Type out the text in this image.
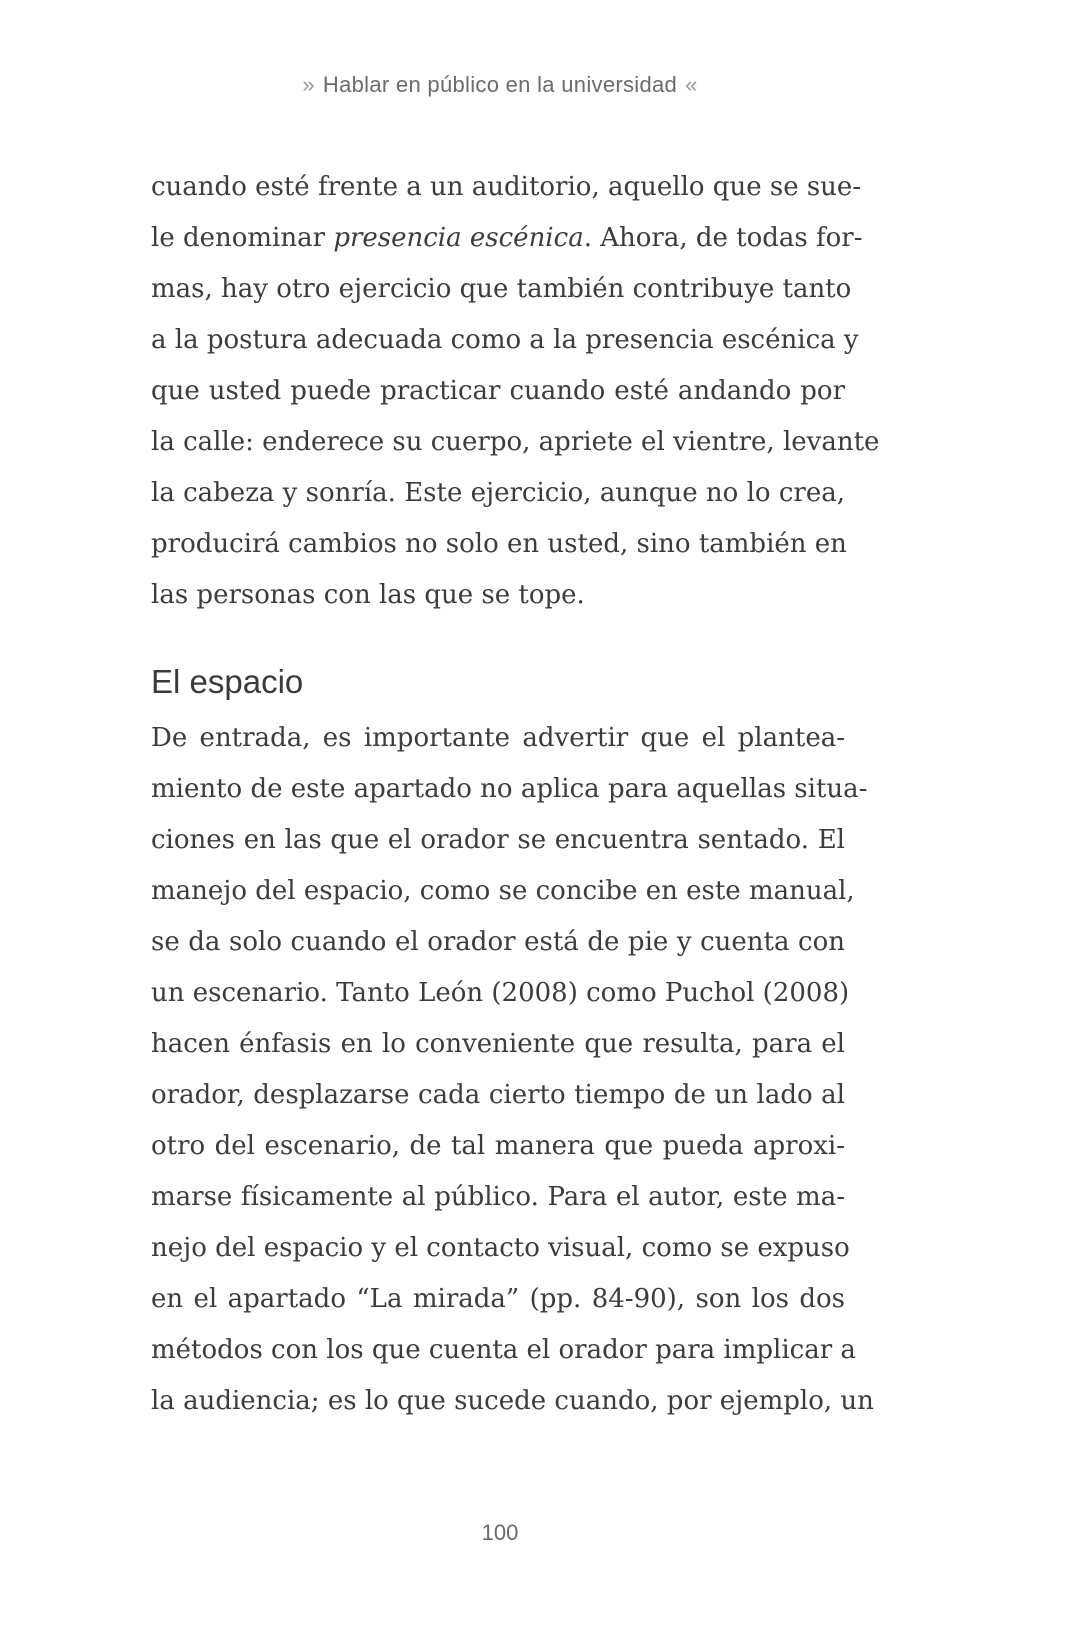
» Hablar en público en la universidad «
cuando esté frente a un auditorio, aquello que se sue-
le denominar presencia escénica. Ahora, de todas for-
mas, hay otro ejercicio que también contribuye tanto
a la postura adecuada como a la presencia escénica y
que usted puede practicar cuando esté andando por
la calle: enderece su cuerpo, apriete el vientre, levante
la cabeza y sonría. Este ejercicio, aunque no lo crea,
producirá cambios no solo en usted, sino también en
las personas con las que se tope.
El espacio
De entrada, es importante advertir que el plantea-
miento de este apartado no aplica para aquellas situa-
ciones en las que el orador se encuentra sentado. El
manejo del espacio, como se concibe en este manual,
se da solo cuando el orador está de pie y cuenta con
un escenario. Tanto León (2008) como Puchol (2008)
hacen énfasis en lo conveniente que resulta, para el
orador, desplazarse cada cierto tiempo de un lado al
otro del escenario, de tal manera que pueda aproxi-
marse físicamente al público. Para el autor, este ma-
nejo del espacio y el contacto visual, como se expuso
en el apartado “La mirada” (pp. 84-90), son los dos
métodos con los que cuenta el orador para implicar a
la audiencia; es lo que sucede cuando, por ejemplo, un
100
